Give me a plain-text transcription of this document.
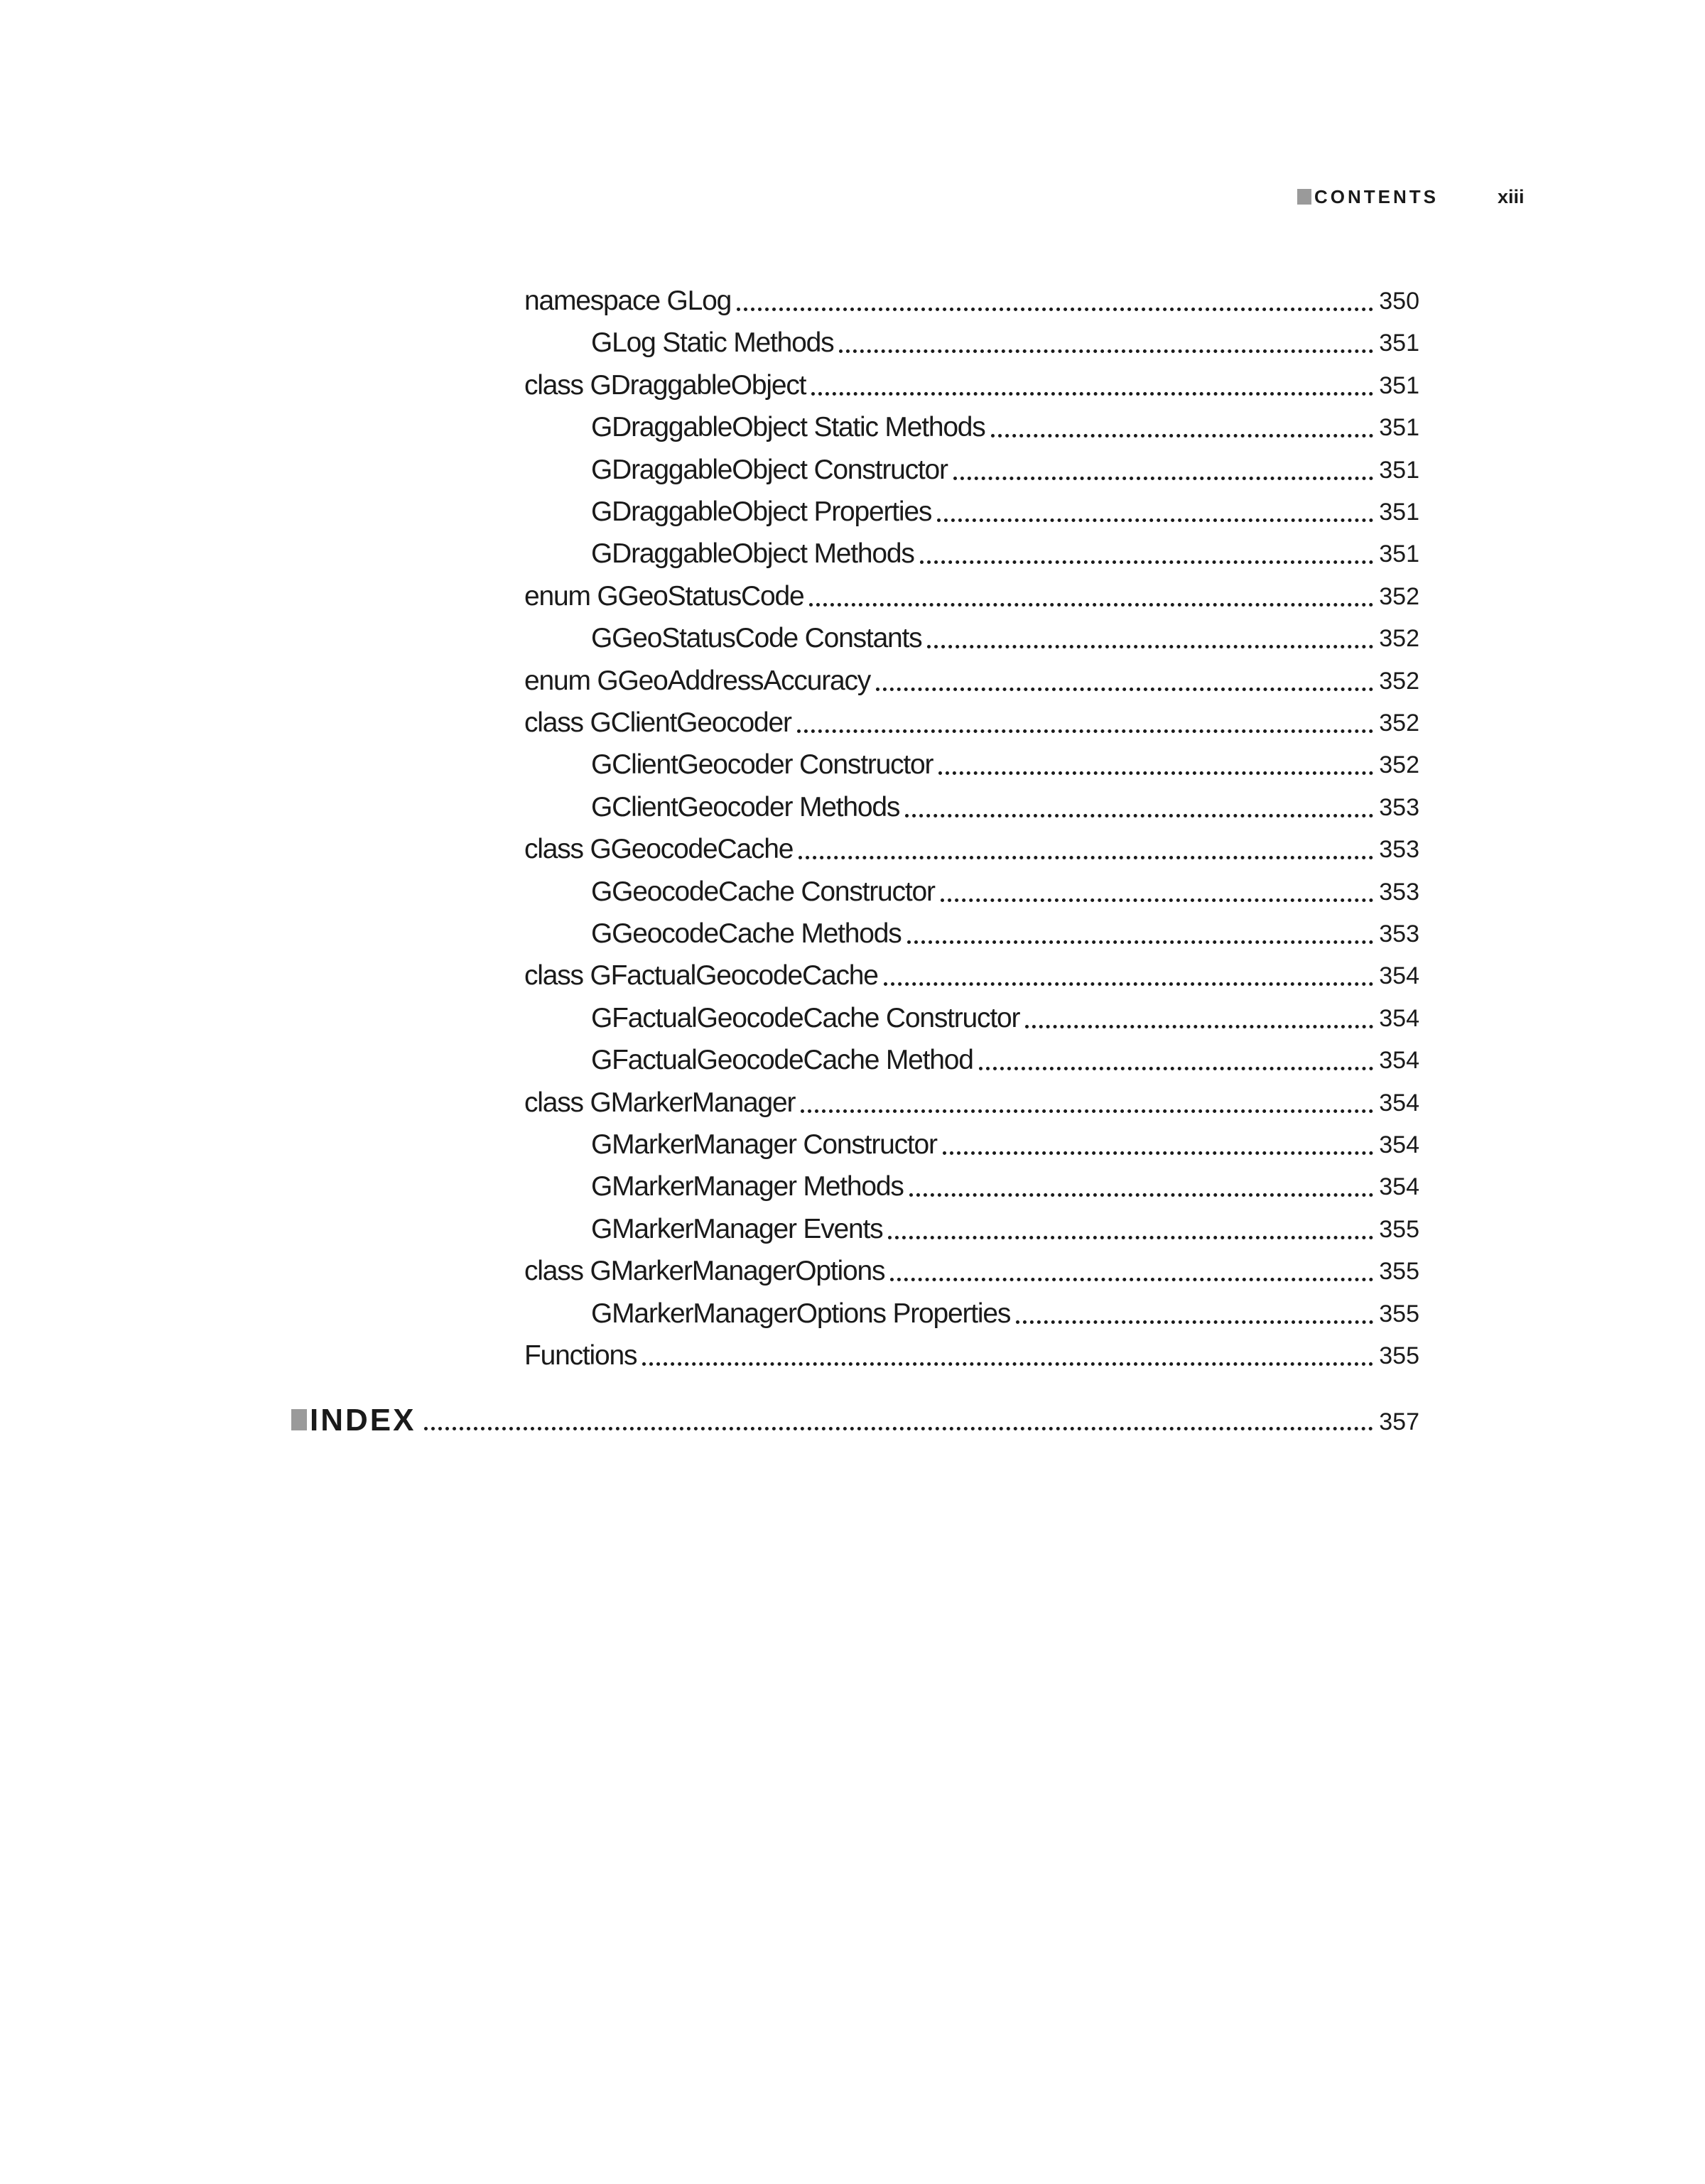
CONTENTS	xiii
namespace GLog	350
GLog Static Methods	351
class GDraggableObject	351
GDraggableObject Static Methods	351
GDraggableObject Constructor	351
GDraggableObject Properties	351
GDraggableObject Methods	351
enum GGeoStatusCode	352
GGeoStatusCode Constants	352
enum GGeoAddressAccuracy	352
class GClientGeocoder	352
GClientGeocoder Constructor	352
GClientGeocoder Methods	353
class GGeocodeCache	353
GGeocodeCache Constructor	353
GGeocodeCache Methods	353
class GFactualGeocodeCache	354
GFactualGeocodeCache Constructor	354
GFactualGeocodeCache Method	354
class GMarkerManager	354
GMarkerManager Constructor	354
GMarkerManager Methods	354
GMarkerManager Events	355
class GMarkerManagerOptions	355
GMarkerManagerOptions Properties	355
Functions	355
INDEX	357
